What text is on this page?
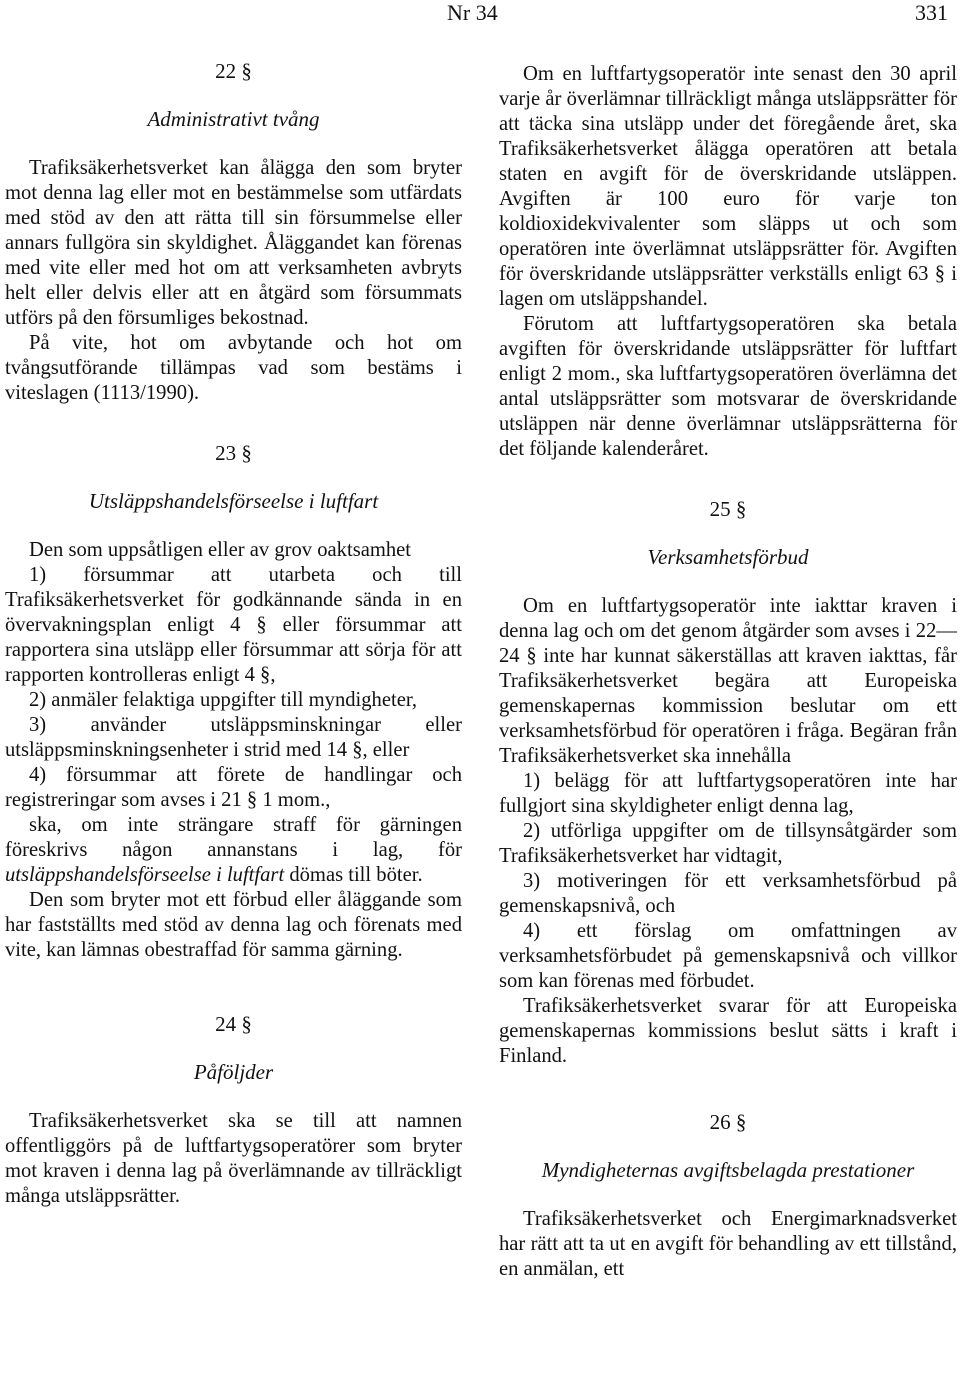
Nr 34	331
22 §
Administrativt tvång

Trafiksäkerhetsverket kan ålägga den som bryter mot denna lag eller mot en bestämmelse som utfärdats med stöd av den att rätta till sin försummelse eller annars fullgöra sin skyldighet. Åläggandet kan förenas med vite eller med hot om att verksamheten avbryts helt eller delvis eller att en åtgärd som försummats utförs på den försumliges bekostnad.

På vite, hot om avbytande och hot om tvångsutförande tillämpas vad som bestäms i viteslagen (1113/1990).

23 §
Utsläppshandelsförseelse i luftfart

Den som uppsåtligen eller av grov oaktsamhet

1) försummar att utarbeta och till Trafiksäkerhetsverket för godkännande sända in en övervakningsplan enligt 4 § eller försummar att rapportera sina utsläpp eller försummar att sörja för att rapporten kontrolleras enligt 4 §,

2) anmäler felaktiga uppgifter till myndigheter,

3) använder utsläppsminskningar eller utsläppsminskningsenheter i strid med 14 §, eller

4) försummar att förete de handlingar och registreringar som avses i 21 § 1 mom.,

ska, om inte strängare straff för gärningen föreskrivs någon annanstans i lag, för utsläppshandelsförseelse i luftfart dömas till böter.

Den som bryter mot ett förbud eller åläggande som har fastställts med stöd av denna lag och förenats med vite, kan lämnas obestraffad för samma gärning.

24 §
Påföljder

Trafiksäkerhetsverket ska se till att namnen offentliggörs på de luftfartygsoperatörer som bryter mot kraven i denna lag på överlämnande av tillräckligt många utsläppsrätter.

Om en luftfartygsoperatör inte senast den 30 april varje år överlämnar tillräckligt många utsläppsrätter för att täcka sina utsläpp under det föregående året, ska Trafiksäkerhetsverket ålägga operatören att betala staten en avgift för de överskridande utsläppen. Avgiften är 100 euro för varje ton koldioxidekvivalenter som släpps ut och som operatören inte överlämnat utsläppsrätter för. Avgiften för överskridande utsläppsrätter verkställs enligt 63 § i lagen om utsläppshandel.

Förutom att luftfartygsoperatören ska betala avgiften för överskridande utsläppsrätter för luftfart enligt 2 mom., ska luftfartygsoperatören överlämna det antal utsläppsrätter som motsvarar de överskridande utsläppen när denne överlämnar utsläppsrätterna för det följande kalenderåret.

25 §
Verksamhetsförbud

Om en luftfartygsoperatör inte iakttar kraven i denna lag och om det genom åtgärder som avses i 22—24 § inte har kunnat säkerställas att kraven iakttas, får Trafiksäkerhetsverket begära att Europeiska gemenskapernas kommission beslutar om ett verksamhetsförbud för operatören i fråga. Begäran från Trafiksäkerhetsverket ska innehålla

1) belägg för att luftfartygsoperatören inte har fullgjort sina skyldigheter enligt denna lag,

2) utförliga uppgifter om de tillsynsåtgärder som Trafiksäkerhetsverket har vidtagit,

3) motiveringen för ett verksamhetsförbud på gemenskapsnivå, och

4) ett förslag om omfattningen av verksamhetsförbudet på gemenskapsnivå och villkor som kan förenas med förbudet.

Trafiksäkerhetsverket svarar för att Europeiska gemenskapernas kommissions beslut sätts i kraft i Finland.

26 §
Myndigheternas avgiftsbelagda prestationer

Trafiksäkerhetsverket och Energimarknadsverket har rätt att ta ut en avgift för behandling av ett tillstånd, en anmälan, ett
